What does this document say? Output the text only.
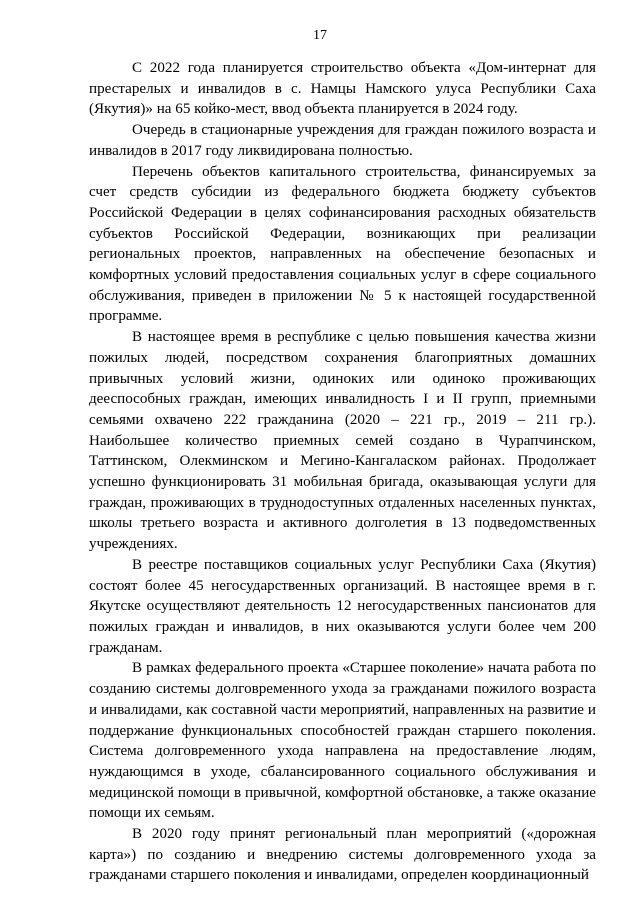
17

С 2022 года планируется строительство объекта «Дом-интернат для престарелых и инвалидов в с. Намцы Намского улуса Республики Саха (Якутия)» на 65 койко-мест, ввод объекта планируется в 2024 году.

Очередь в стационарные учреждения для граждан пожилого возраста и инвалидов в 2017 году ликвидирована полностью.

Перечень объектов капитального строительства, финансируемых за счет средств субсидии из федерального бюджета бюджету субъектов Российской Федерации в целях софинансирования расходных обязательств субъектов Российской Федерации, возникающих при реализации региональных проектов, направленных на обеспечение безопасных и комфортных условий предоставления социальных услуг в сфере социального обслуживания, приведен в приложении № 5 к настоящей государственной программе.

В настоящее время в республике с целью повышения качества жизни пожилых людей, посредством сохранения благоприятных домашних привычных условий жизни, одиноких или одиноко проживающих дееспособных граждан, имеющих инвалидность I и II групп, приемными семьями охвачено 222 гражданина (2020 – 221 гр., 2019 – 211 гр.). Наибольшее количество приемных семей создано в Чурапчинском, Таттинском, Олекминском и Мегино-Кангаласком районах. Продолжает успешно функционировать 31 мобильная бригада, оказывающая услуги для граждан, проживающих в труднодоступных отдаленных населенных пунктах, школы третьего возраста и активного долголетия в 13 подведомственных учреждениях.

В реестре поставщиков социальных услуг Республики Саха (Якутия) состоят более 45 негосударственных организаций. В настоящее время в г. Якутске осуществляют деятельность 12 негосударственных пансионатов для пожилых граждан и инвалидов, в них оказываются услуги более чем 200 гражданам.

В рамках федерального проекта «Старшее поколение» начата работа по созданию системы долговременного ухода за гражданами пожилого возраста и инвалидами, как составной части мероприятий, направленных на развитие и поддержание функциональных способностей граждан старшего поколения. Система долговременного ухода направлена на предоставление людям, нуждающимся в уходе, сбалансированного социального обслуживания и медицинской помощи в привычной, комфортной обстановке, а также оказание помощи их семьям.

В 2020 году принят региональный план мероприятий («дорожная карта») по созданию и внедрению системы долговременного ухода за гражданами старшего поколения и инвалидами, определен координационный
